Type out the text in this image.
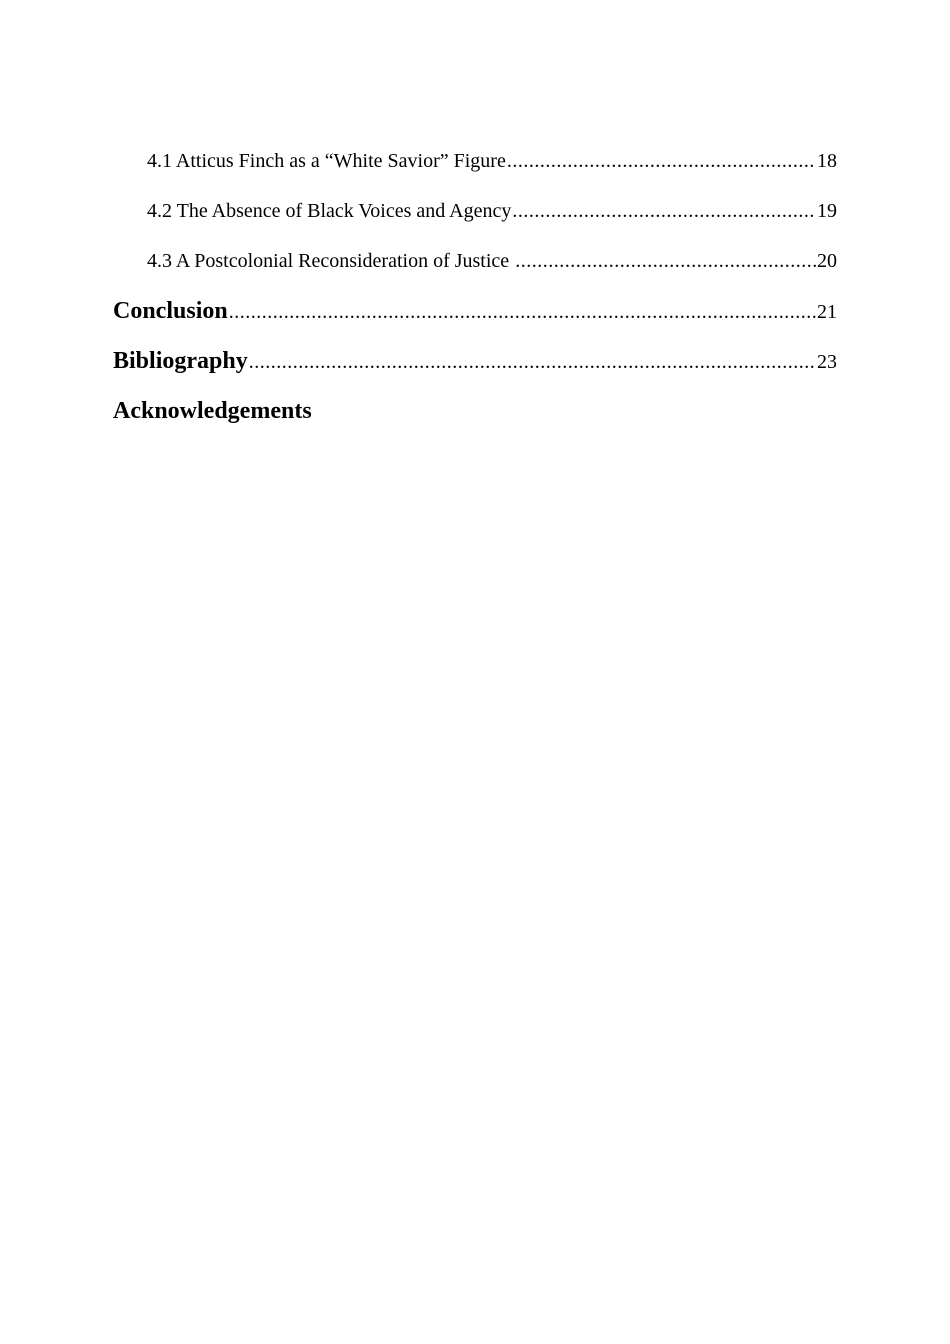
4.1 Atticus Finch as a “White Savior” Figure .....	18
4.2 The Absence of Black Voices and Agency .....	19
4.3 A Postcolonial Reconsideration of Justice .....	20
Conclusion .....	21
Bibliography .....	23
Acknowledgements
